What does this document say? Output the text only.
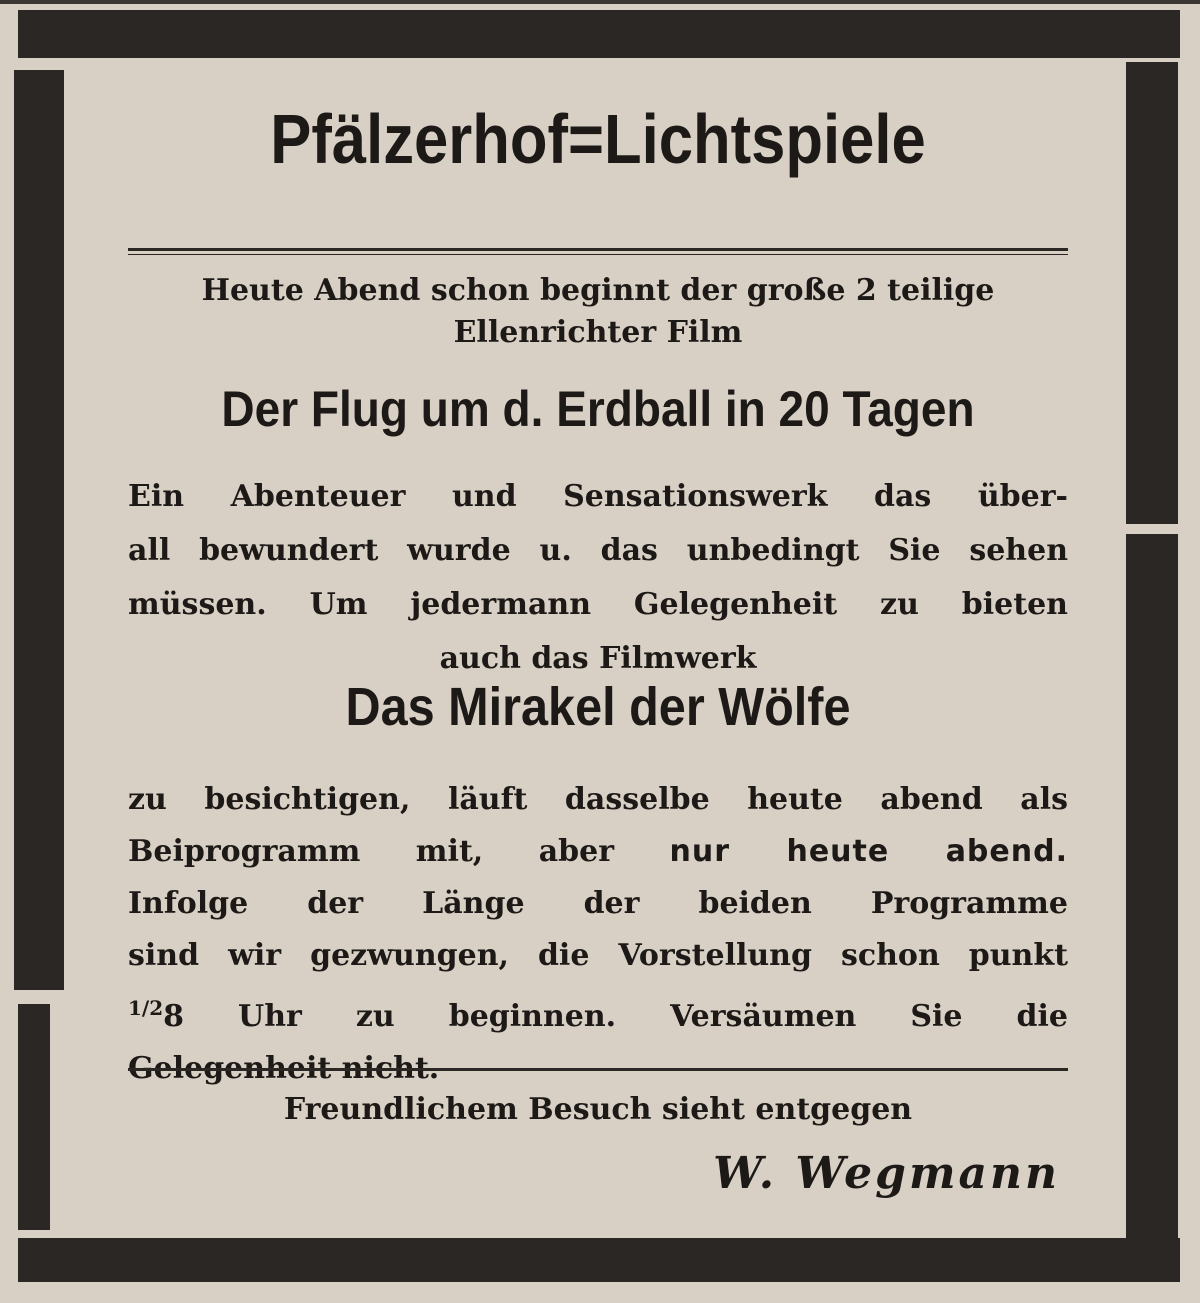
Pfälzerhof=Lichtspiele
Heute Abend schon beginnt der große 2 teilige
Ellenrichter Film
Der Flug um d. Erdball in 20 Tagen
Ein Abenteuer und Sensationswerk das über-
all bewundert wurde u. das unbedingt Sie sehen
müssen. Um jedermann Gelegenheit zu bieten
auch das Filmwerk
Das Mirakel der Wölfe
zu besichtigen, läuft dasselbe heute abend als
Beiprogramm mit, aber nur heute abend.
Infolge der Länge der beiden Programme
sind wir gezwungen, die Vorstellung schon punkt
$^{1/2}$8 Uhr zu beginnen. Versäumen Sie die
Gelegenheit nicht.
Freundlichem Besuch sieht entgegen
W. Wegmann
